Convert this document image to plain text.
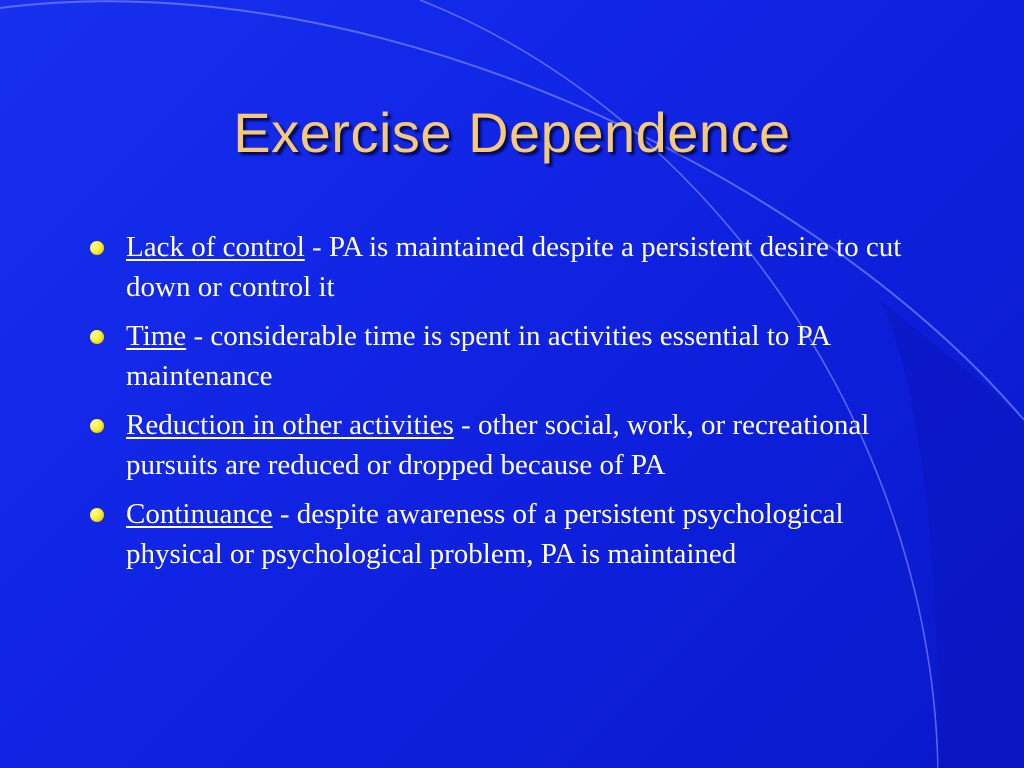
Exercise Dependence
Lack of control - PA is maintained despite a persistent desire to cut down or control it
Time - considerable time is spent in activities essential to PA maintenance
Reduction in other activities - other social, work, or recreational pursuits are reduced or dropped because of PA
Continuance - despite awareness of a persistent psychological physical or psychological problem, PA is maintained
